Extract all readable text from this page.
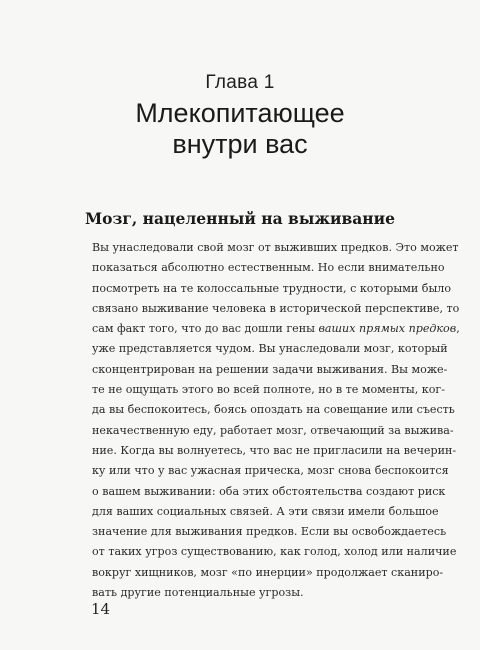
Глава 1
Млекопитающее
внутри вас
Мозг, нацеленный на выживание
Вы унаследовали свой мозг от выживших предков. Это может
показаться абсолютно естественным. Но если внимательно
посмотреть на те колоссальные трудности, с которыми было
связано выживание человека в исторической перспективе, то
сам факт того, что до вас дошли гены ваших прямых предков,
уже представляется чудом. Вы унаследовали мозг, который
сконцентрирован на решении задачи выживания. Вы може-
те не ощущать этого во всей полноте, но в те моменты, ког-
да вы беспокоитесь, боясь опоздать на совещание или съесть
некачественную еду, работает мозг, отвечающий за выжива-
ние. Когда вы волнуетесь, что вас не пригласили на вечерин-
ку или что у вас ужасная прическа, мозг снова беспокоится
о вашем выживании: оба этих обстоятельства создают риск
для ваших социальных связей. А эти связи имели большое
значение для выживания предков. Если вы освобождаетесь
от таких угроз существованию, как голод, холод или наличие
вокруг хищников, мозг «по инерции» продолжает сканиро-
вать другие потенциальные угрозы.
14
